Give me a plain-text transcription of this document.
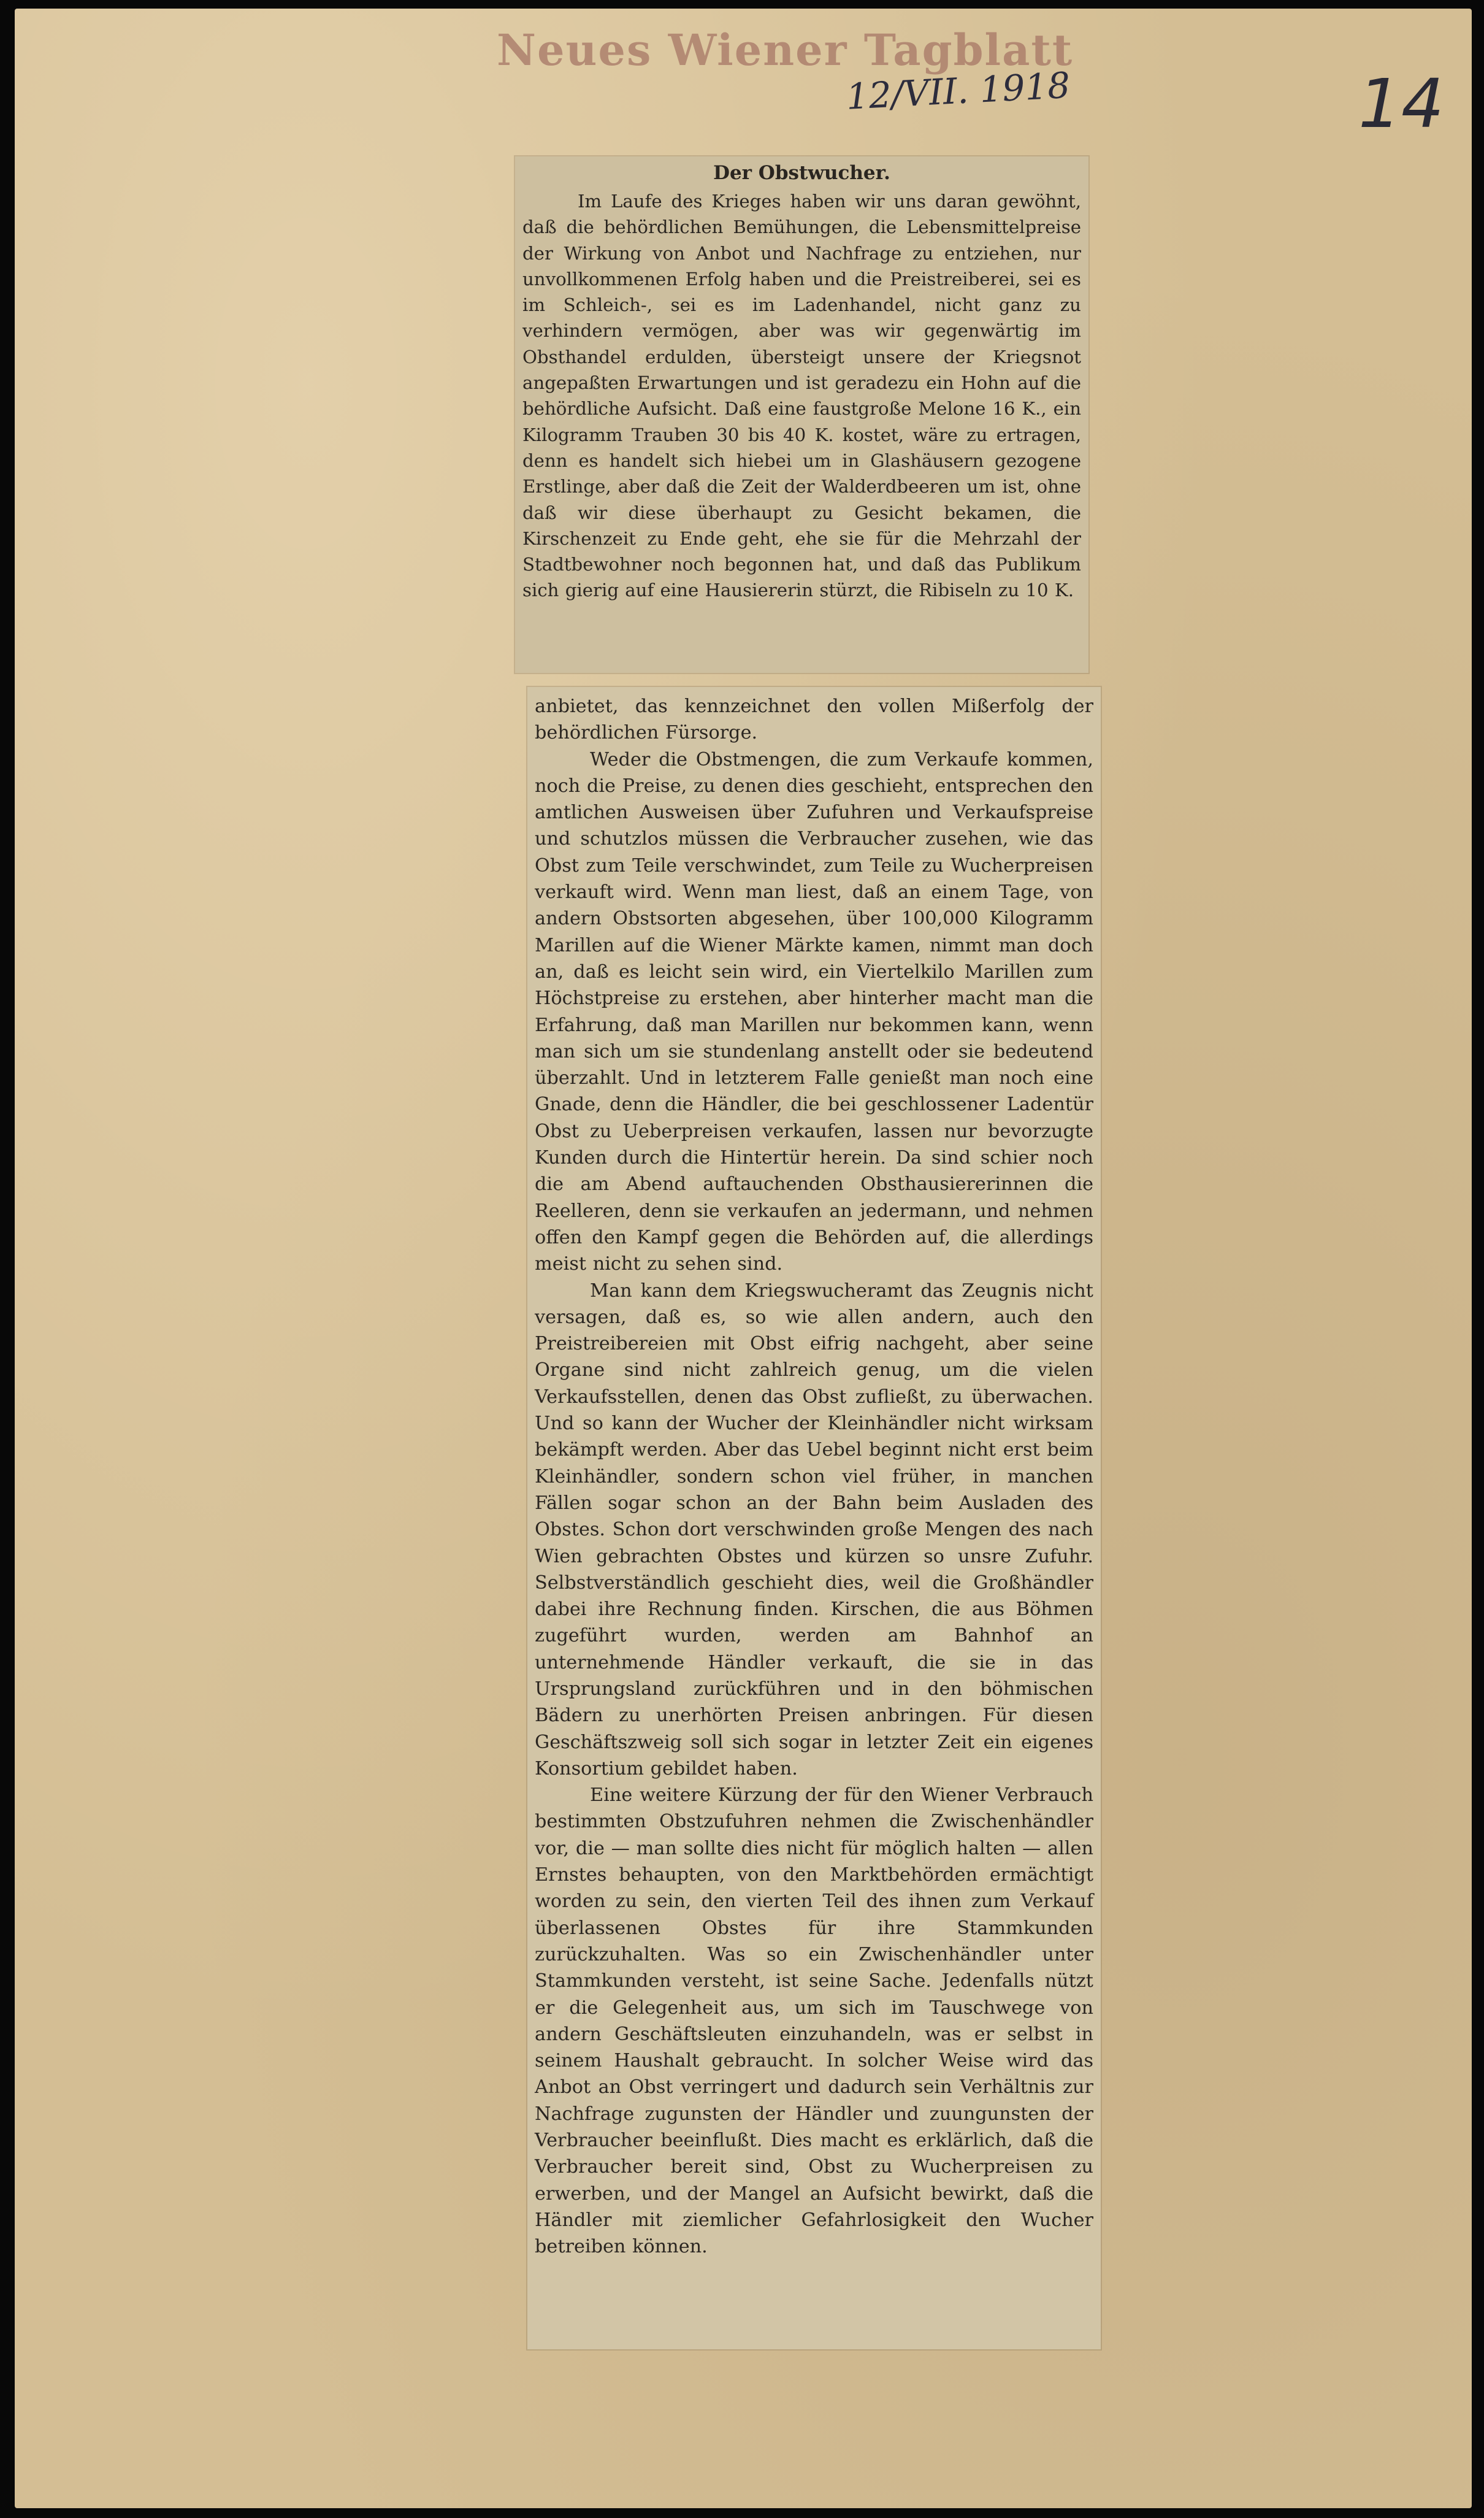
Neues Wiener Tagblatt
12/VII. 1918	14
Der Obstwucher.

Im Laufe des Krieges haben wir uns daran gewöhnt, daß die behördlichen Bemühungen, die Lebensmittelpreise der Wirkung von Anbot und Nachfrage zu entziehen, nur unvollkommenen Erfolg haben und die Preistreiberei, sei es im Schleich-, sei es im Ladenhandel, nicht ganz zu verhindern vermögen, aber was wir gegenwärtig im Obsthandel erdulden, übersteigt unsere der Kriegsnot angepaßten Erwartungen und ist geradezu ein Hohn auf die behördliche Aufsicht. Daß eine faustgroße Melone 16 K., ein Kilogramm Trauben 30 bis 40 K. kostet, wäre zu ertragen, denn es handelt sich hiebei um in Glashäusern gezogene Erstlinge, aber daß die Zeit der Walderdbeeren um ist, ohne daß wir diese überhaupt zu Gesicht bekamen, die Kirschenzeit zu Ende geht, ehe sie für die Mehrzahl der Stadtbewohner noch begonnen hat, und daß das Publikum sich gierig auf eine Hausiererin stürzt, die Ribiseln zu 10 K.

anbietet, das kennzeichnet den vollen Mißerfolg der behördlichen Fürsorge.

Weder die Obstmengen, die zum Verkaufe kommen, noch die Preise, zu denen dies geschieht, entsprechen den amtlichen Ausweisen über Zufuhren und Verkaufspreise und schutzlos müssen die Verbraucher zusehen, wie das Obst zum Teile verschwindet, zum Teile zu Wucherpreisen verkauft wird. Wenn man liest, daß an einem Tage, von andern Obstsorten abgesehen, über 100,000 Kilogramm Marillen auf die Wiener Märkte kamen, nimmt man doch an, daß es leicht sein wird, ein Viertelkilo Marillen zum Höchstpreise zu erstehen, aber hinterher macht man die Erfahrung, daß man Marillen nur bekommen kann, wenn man sich um sie stundenlang anstellt oder sie bedeutend überzahlt. Und in letzterem Falle genießt man noch eine Gnade, denn die Händler, die bei geschlossener Ladentür Obst zu Ueberpreisen verkaufen, lassen nur bevorzugte Kunden durch die Hintertür herein. Da sind schier noch die am Abend auftauchenden Obsthausiererinnen die Reelleren, denn sie verkaufen an jedermann, und nehmen offen den Kampf gegen die Behörden auf, die allerdings meist nicht zu sehen sind.

Man kann dem Kriegswucheramt das Zeugnis nicht versagen, daß es, so wie allen andern, auch den Preistreibereien mit Obst eifrig nachgeht, aber seine Organe sind nicht zahlreich genug, um die vielen Verkaufsstellen, denen das Obst zufließt, zu überwachen. Und so kann der Wucher der Kleinhändler nicht wirksam bekämpft werden. Aber das Uebel beginnt nicht erst beim Kleinhändler, sondern schon viel früher, in manchen Fällen sogar schon an der Bahn beim Ausladen des Obstes. Schon dort verschwinden große Mengen des nach Wien gebrachten Obstes und kürzen so unsre Zufuhr. Selbstverständlich geschieht dies, weil die Großhändler dabei ihre Rechnung finden. Kirschen, die aus Böhmen zugeführt wurden, werden am Bahnhof an unternehmende Händler verkauft, die sie in das Ursprungsland zurückführen und in den böhmischen Bädern zu unerhörten Preisen anbringen. Für diesen Geschäftszweig soll sich sogar in letzter Zeit ein eigenes Konsortium gebildet haben.

Eine weitere Kürzung der für den Wiener Verbrauch bestimmten Obstzufuhren nehmen die Zwischenhändler vor, die — man sollte dies nicht für möglich halten — allen Ernstes behaupten, von den Marktbehörden ermächtigt worden zu sein, den vierten Teil des ihnen zum Verkauf überlassenen Obstes für ihre Stammkunden zurückzuhalten. Was so ein Zwischenhändler unter Stammkunden versteht, ist seine Sache. Jedenfalls nützt er die Gelegenheit aus, um sich im Tauschwege von andern Geschäftsleuten einzuhandeln, was er selbst in seinem Haushalt gebraucht. In solcher Weise wird das Anbot an Obst verringert und dadurch sein Verhältnis zur Nachfrage zugunsten der Händler und zuungunsten der Verbraucher beeinflußt. Dies macht es erklärlich, daß die Verbraucher bereit sind, Obst zu Wucherpreisen zu erwerben, und der Mangel an Aufsicht bewirkt, daß die Händler mit ziemlicher Gefahrlosigkeit den Wucher betreiben können.
